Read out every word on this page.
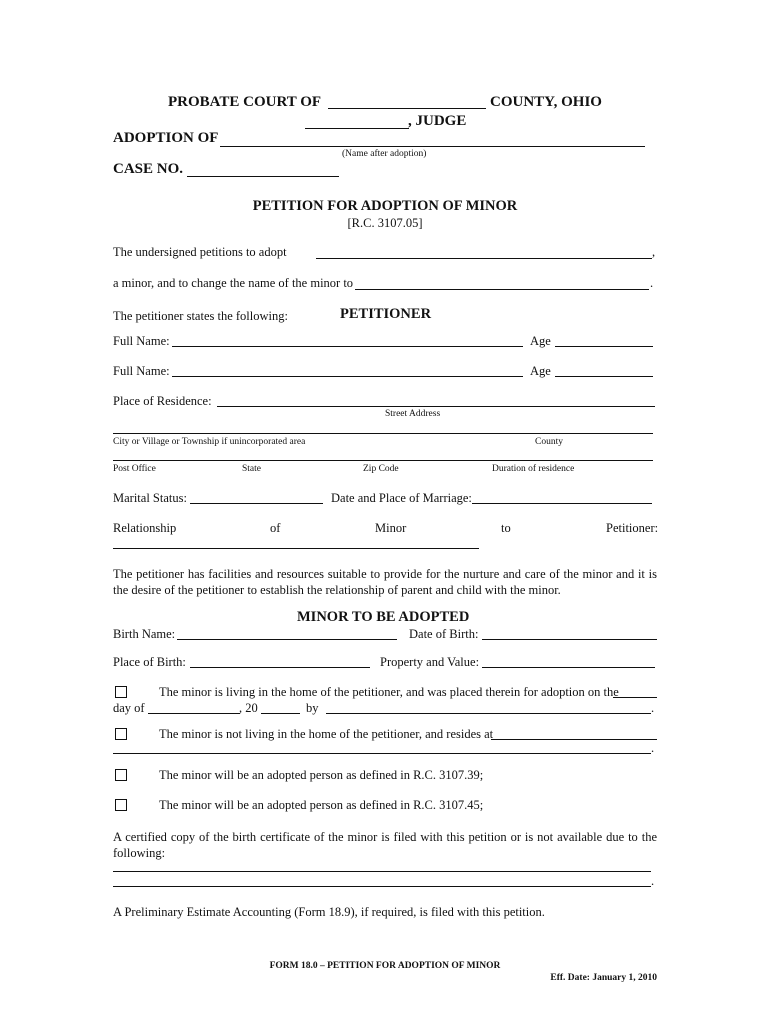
PROBATE COURT OF	COUNTY, OHIO
, JUDGE
ADOPTION OF
(Name after adoption)
CASE NO.
PETITION FOR ADOPTION OF MINOR
[R.C. 3107.05]
The undersigned petitions to adopt	,
a minor, and to change the name of the minor to	.
The petitioner states the following:	PETITIONER
Full Name:	Age
Full Name:	Age
Place of Residence:
Street Address
City or Village or Township if unincorporated area	County
Post Office	State	Zip Code	Duration of residence
Marital Status:	Date and Place of Marriage:
Relationship	of	Minor	to	Petitioner:
The petitioner has facilities and resources suitable to provide for the nurture and care of the minor and it is the desire of the petitioner to establish the relationship of parent and child with the minor.
MINOR TO BE ADOPTED
Birth Name:	Date of Birth:
Place of Birth:	Property and Value:
The minor is living in the home of the petitioner, and was placed therein for adoption on the
day of	, 20	by	.
The minor is not living in the home of the petitioner, and resides at
.
The minor will be an adopted person as defined in R.C. 3107.39;
The minor will be an adopted person as defined in R.C. 3107.45;
A certified copy of the birth certificate of the minor is filed with this petition or is not available due to the following:
.
A Preliminary Estimate Accounting (Form 18.9), if required, is filed with this petition.
FORM 18.0 – PETITION FOR ADOPTION OF MINOR
Eff. Date: January 1, 2010
